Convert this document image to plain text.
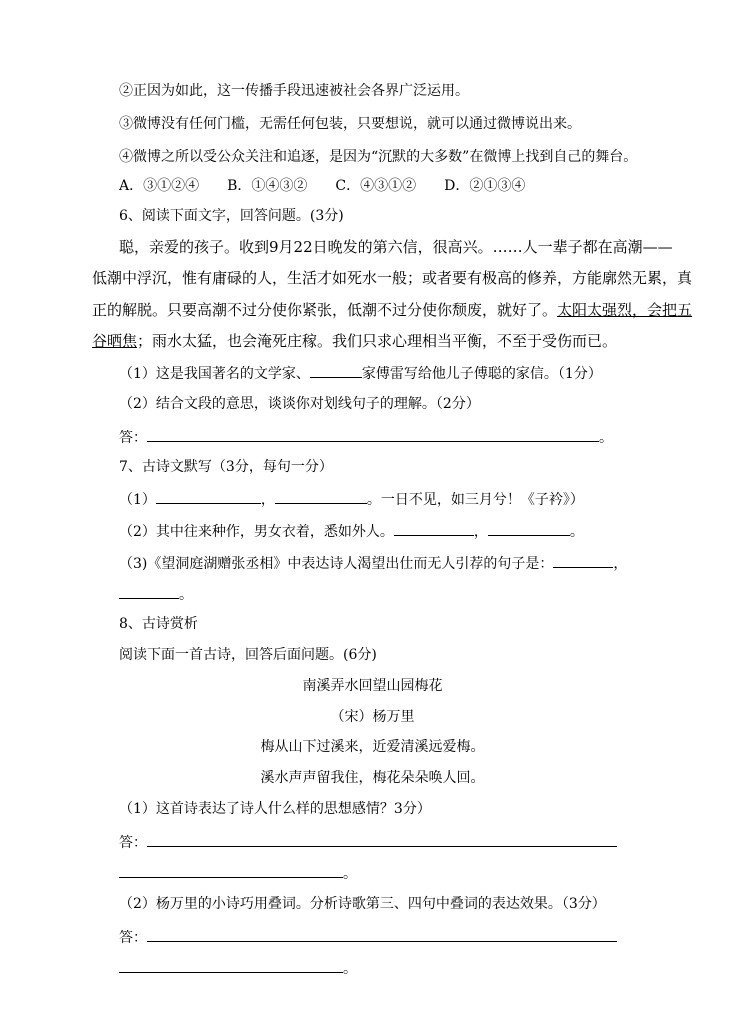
②正因为如此，这一传播手段迅速被社会各界广泛运用。
③微博没有任何门槛，无需任何包装，只要想说，就可以通过微博说出来。
④微博之所以受公众关注和追逐，是因为“沉默的大多数”在微博上找到自己的舞台。
A．③①②④　　B．①④③②　　C．④③①②　　D．②①③④
6、阅读下面文字，回答问题。(3分)
聪，亲爱的孩子。收到9月22日晚发的第六信，很高兴。……人一辈子都在高潮——
低潮中浮沉，惟有庸碌的人，生活才如死水一般；或者要有极高的修养，方能廓然无累，真
正的解脱。只要高潮不过分使你紧张，低潮不过分使你颓废，就好了。太阳太强烈，会把五
谷晒焦；雨水太猛，也会淹死庄稼。我们只求心理相当平衡，不至于受伤而已。
（1）这是我国著名的文学家、	家傅雷写给他儿子傅聪的家信。（1分）
（2）结合文段的意思，谈谈你对划线句子的理解。（2分）
答：	。
7、古诗文默写（3分，每句一分）
（1）	，	。一日不见，如三月兮！《子衿》）
（2）其中往来种作，男女衣着，悉如外人。	，	。
（3)《望洞庭湖赠张丞相》中表达诗人渴望出仕而无人引荐的句子是：	，
。
8、古诗赏析
阅读下面一首古诗，回答后面问题。(6分)
南溪弄水回望山园梅花
（宋）杨万里
梅从山下过溪来，近爱清溪远爱梅。
溪水声声留我住，梅花朵朵唤人回。
（1）这首诗表达了诗人什么样的思想感情？3分）
答：
。
（2）杨万里的小诗巧用叠词。分析诗歌第三、四句中叠词的表达效果。（3分）
答：
。
